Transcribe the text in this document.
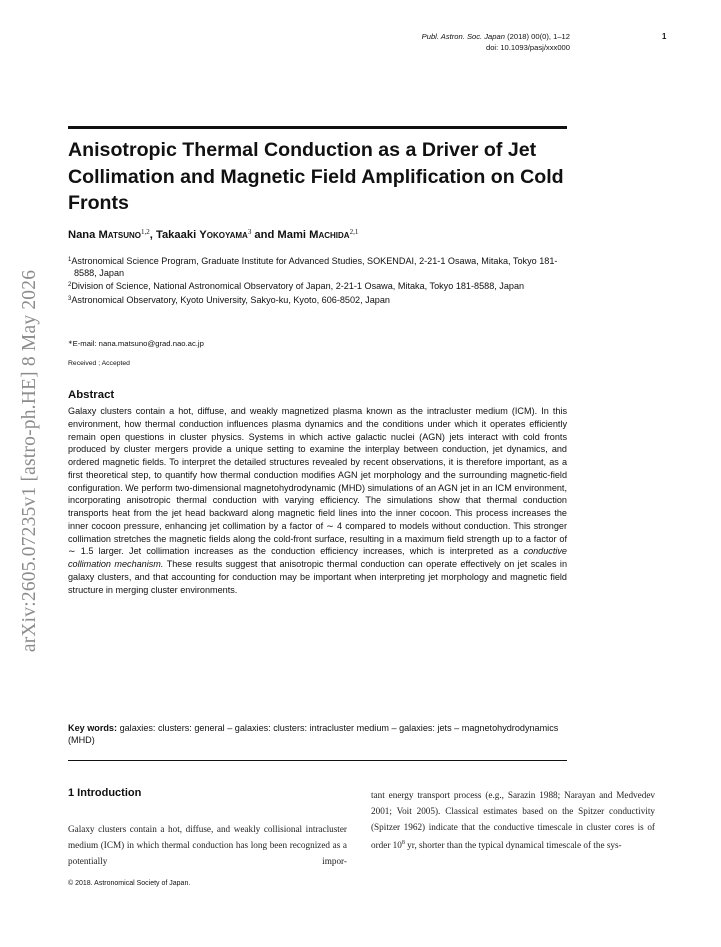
arXiv:2605.07235v1 [astro-ph.HE] 8 May 2026
Publ. Astron. Soc. Japan (2018) 00(0), 1–12
doi: 10.1093/pasj/xxx000
1
Anisotropic Thermal Conduction as a Driver of Jet Collimation and Magnetic Field Amplification on Cold Fronts
Nana Matsuno$^{1,2}$, Takaaki Yokoyama$^3$ and Mami Machida$^{2,1}$

$^1$Astronomical Science Program, Graduate Institute for Advanced Studies, SOKENDAI, 2-21-1 Osawa, Mitaka, Tokyo 181-8588, Japan

$^2$Division of Science, National Astronomical Observatory of Japan, 2-21-1 Osawa, Mitaka, Tokyo 181-8588, Japan

$^3$Astronomical Observatory, Kyoto University, Sakyo-ku, Kyoto, 606-8502, Japan

∗E-mail: nana.matsuno@grad.nao.ac.jp
Received ; Accepted
Abstract

Galaxy clusters contain a hot, diffuse, and weakly magnetized plasma known as the intracluster medium (ICM). In this environment, how thermal conduction influences plasma dynamics and the conditions under which it operates efficiently remain open questions in cluster physics. Systems in which active galactic nuclei (AGN) jets interact with cold fronts produced by cluster mergers provide a unique setting to examine the interplay between conduction, jet dynamics, and ordered magnetic fields. To interpret the detailed structures revealed by recent observations, it is therefore important, as a first theoretical step, to quantify how thermal conduction modifies AGN jet morphology and the surrounding magnetic-field configuration. We perform two-dimensional magnetohydrodynamic (MHD) simulations of an AGN jet in an ICM environment, incorporating anisotropic thermal conduction with varying efficiency. The simulations show that thermal conduction transports heat from the jet head backward along magnetic field lines into the inner cocoon. This process increases the inner cocoon pressure, enhancing jet collimation by a factor of ∼ 4 compared to models without conduction. This stronger collimation stretches the magnetic fields along the cold-front surface, resulting in a maximum field strength up to a factor of ∼ 1.5 larger. Jet collimation increases as the conduction efficiency increases, which is interpreted as a conductive collimation mechanism. These results suggest that anisotropic thermal conduction can operate effectively on jet scales in galaxy clusters, and that accounting for conduction may be important when interpreting jet morphology and magnetic field structure in merging cluster environments.

Key words: galaxies: clusters: general – galaxies: clusters: intracluster medium – galaxies: jets – magnetohydrodynamics (MHD)

1 Introduction

Galaxy clusters contain a hot, diffuse, and weakly collisional intracluster medium (ICM) in which thermal conduction has long been recognized as a potentially impor-

tant energy transport process (e.g., Sarazin 1988; Narayan and Medvedev 2001; Voit 2005). Classical estimates based on the Spitzer conductivity (Spitzer 1962) indicate that the conductive timescale in cluster cores is of order $10^8$ yr, shorter than the typical dynamical timescale of the sys-

© 2018. Astronomical Society of Japan.
